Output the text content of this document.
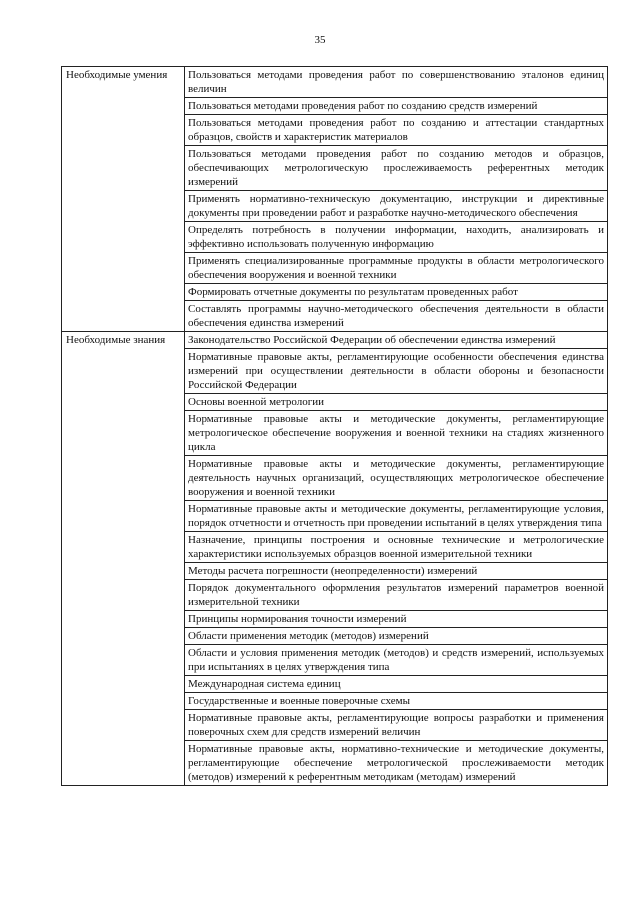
35
Необходимые умения	Пользоваться методами проведения работ по совершенствованию эталонов единиц величин

	Пользоваться методами проведения работ по созданию средств измерений

	Пользоваться методами проведения работ по созданию и аттестации стандартных образцов, свойств и характеристик материалов

	Пользоваться методами проведения работ по созданию методов и образцов, обеспечивающих метрологическую прослеживаемость референтных методик измерений

	Применять нормативно-техническую документацию, инструкции и директивные документы при проведении работ и разработке научно-методического обеспечения

	Определять потребность в получении информации, находить, анализировать и эффективно использовать полученную информацию

	Применять специализированные программные продукты в области метрологического обеспечения вооружения и военной техники

	Формировать отчетные документы по результатам проведенных работ

	Составлять программы научно-методического обеспечения деятельности в области обеспечения единства измерений

Необходимые знания	Законодательство Российской Федерации об обеспечении единства измерений

	Нормативные правовые акты, регламентирующие особенности обеспечения единства измерений при осуществлении деятельности в области обороны и безопасности Российской Федерации

	Основы военной метрологии

	Нормативные правовые акты и методические документы, регламентирующие метрологическое обеспечение вооружения и военной техники на стадиях жизненного цикла

	Нормативные правовые акты и методические документы, регламентирующие деятельность научных организаций, осуществляющих метрологическое обеспечение вооружения и военной техники

	Нормативные правовые акты и методические документы, регламентирующие условия, порядок отчетности и отчетность при проведении испытаний в целях утверждения типа

	Назначение, принципы построения и основные технические и метрологические характеристики используемых образцов военной измерительной техники

	Методы расчета погрешности (неопределенности) измерений

	Порядок документального оформления результатов измерений параметров военной измерительной техники

	Принципы нормирования точности измерений

	Области применения методик (методов) измерений

	Области и условия применения методик (методов) и средств измерений, используемых при испытаниях в целях утверждения типа

	Международная система единиц

	Государственные и военные поверочные схемы

	Нормативные правовые акты, регламентирующие вопросы разработки и применения поверочных схем для средств измерений величин

	Нормативные правовые акты, нормативно-технические и методические документы, регламентирующие обеспечение метрологической прослеживаемости методик (методов) измерений к референтным методикам (методам) измерений
